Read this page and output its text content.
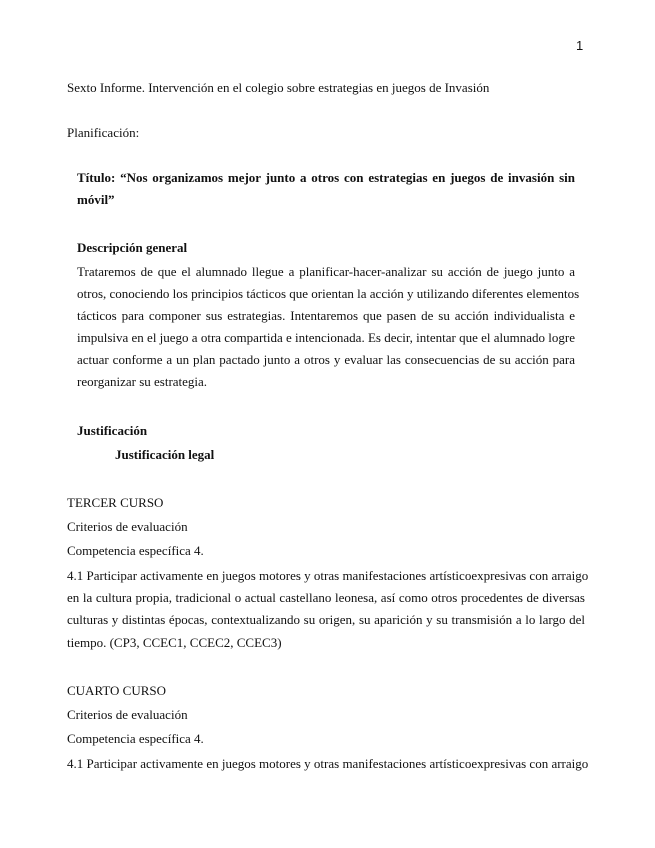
1
Sexto Informe. Intervención en el colegio sobre estrategias en juegos de Invasión
Planificación:
Título: “Nos organizamos mejor junto a otros con estrategias en juegos de invasión sin
móvil”
Descripción general
Trataremos de que el alumnado llegue a planificar-hacer-analizar su acción de juego junto a
otros, conociendo los principios tácticos que orientan la acción y utilizando diferentes elementos
tácticos para componer sus estrategias. Intentaremos que pasen de su acción individualista e
impulsiva en el juego a otra compartida e intencionada. Es decir, intentar que el alumnado logre
actuar conforme a un plan pactado junto a otros y evaluar las consecuencias de su acción para
reorganizar su estrategia.
Justificación
Justificación legal
TERCER CURSO
Criterios de evaluación
Competencia específica 4.
4.1 Participar activamente en juegos motores y otras manifestaciones artísticoexpresivas con arraigo
en la cultura propia, tradicional o actual castellano leonesa, así como otros procedentes de diversas
culturas y distintas épocas, contextualizando su origen, su aparición y su transmisión a lo largo del
tiempo. (CP3, CCEC1, CCEC2, CCEC3)
CUARTO CURSO
Criterios de evaluación
Competencia específica 4.
4.1 Participar activamente en juegos motores y otras manifestaciones artísticoexpresivas con arraigo
